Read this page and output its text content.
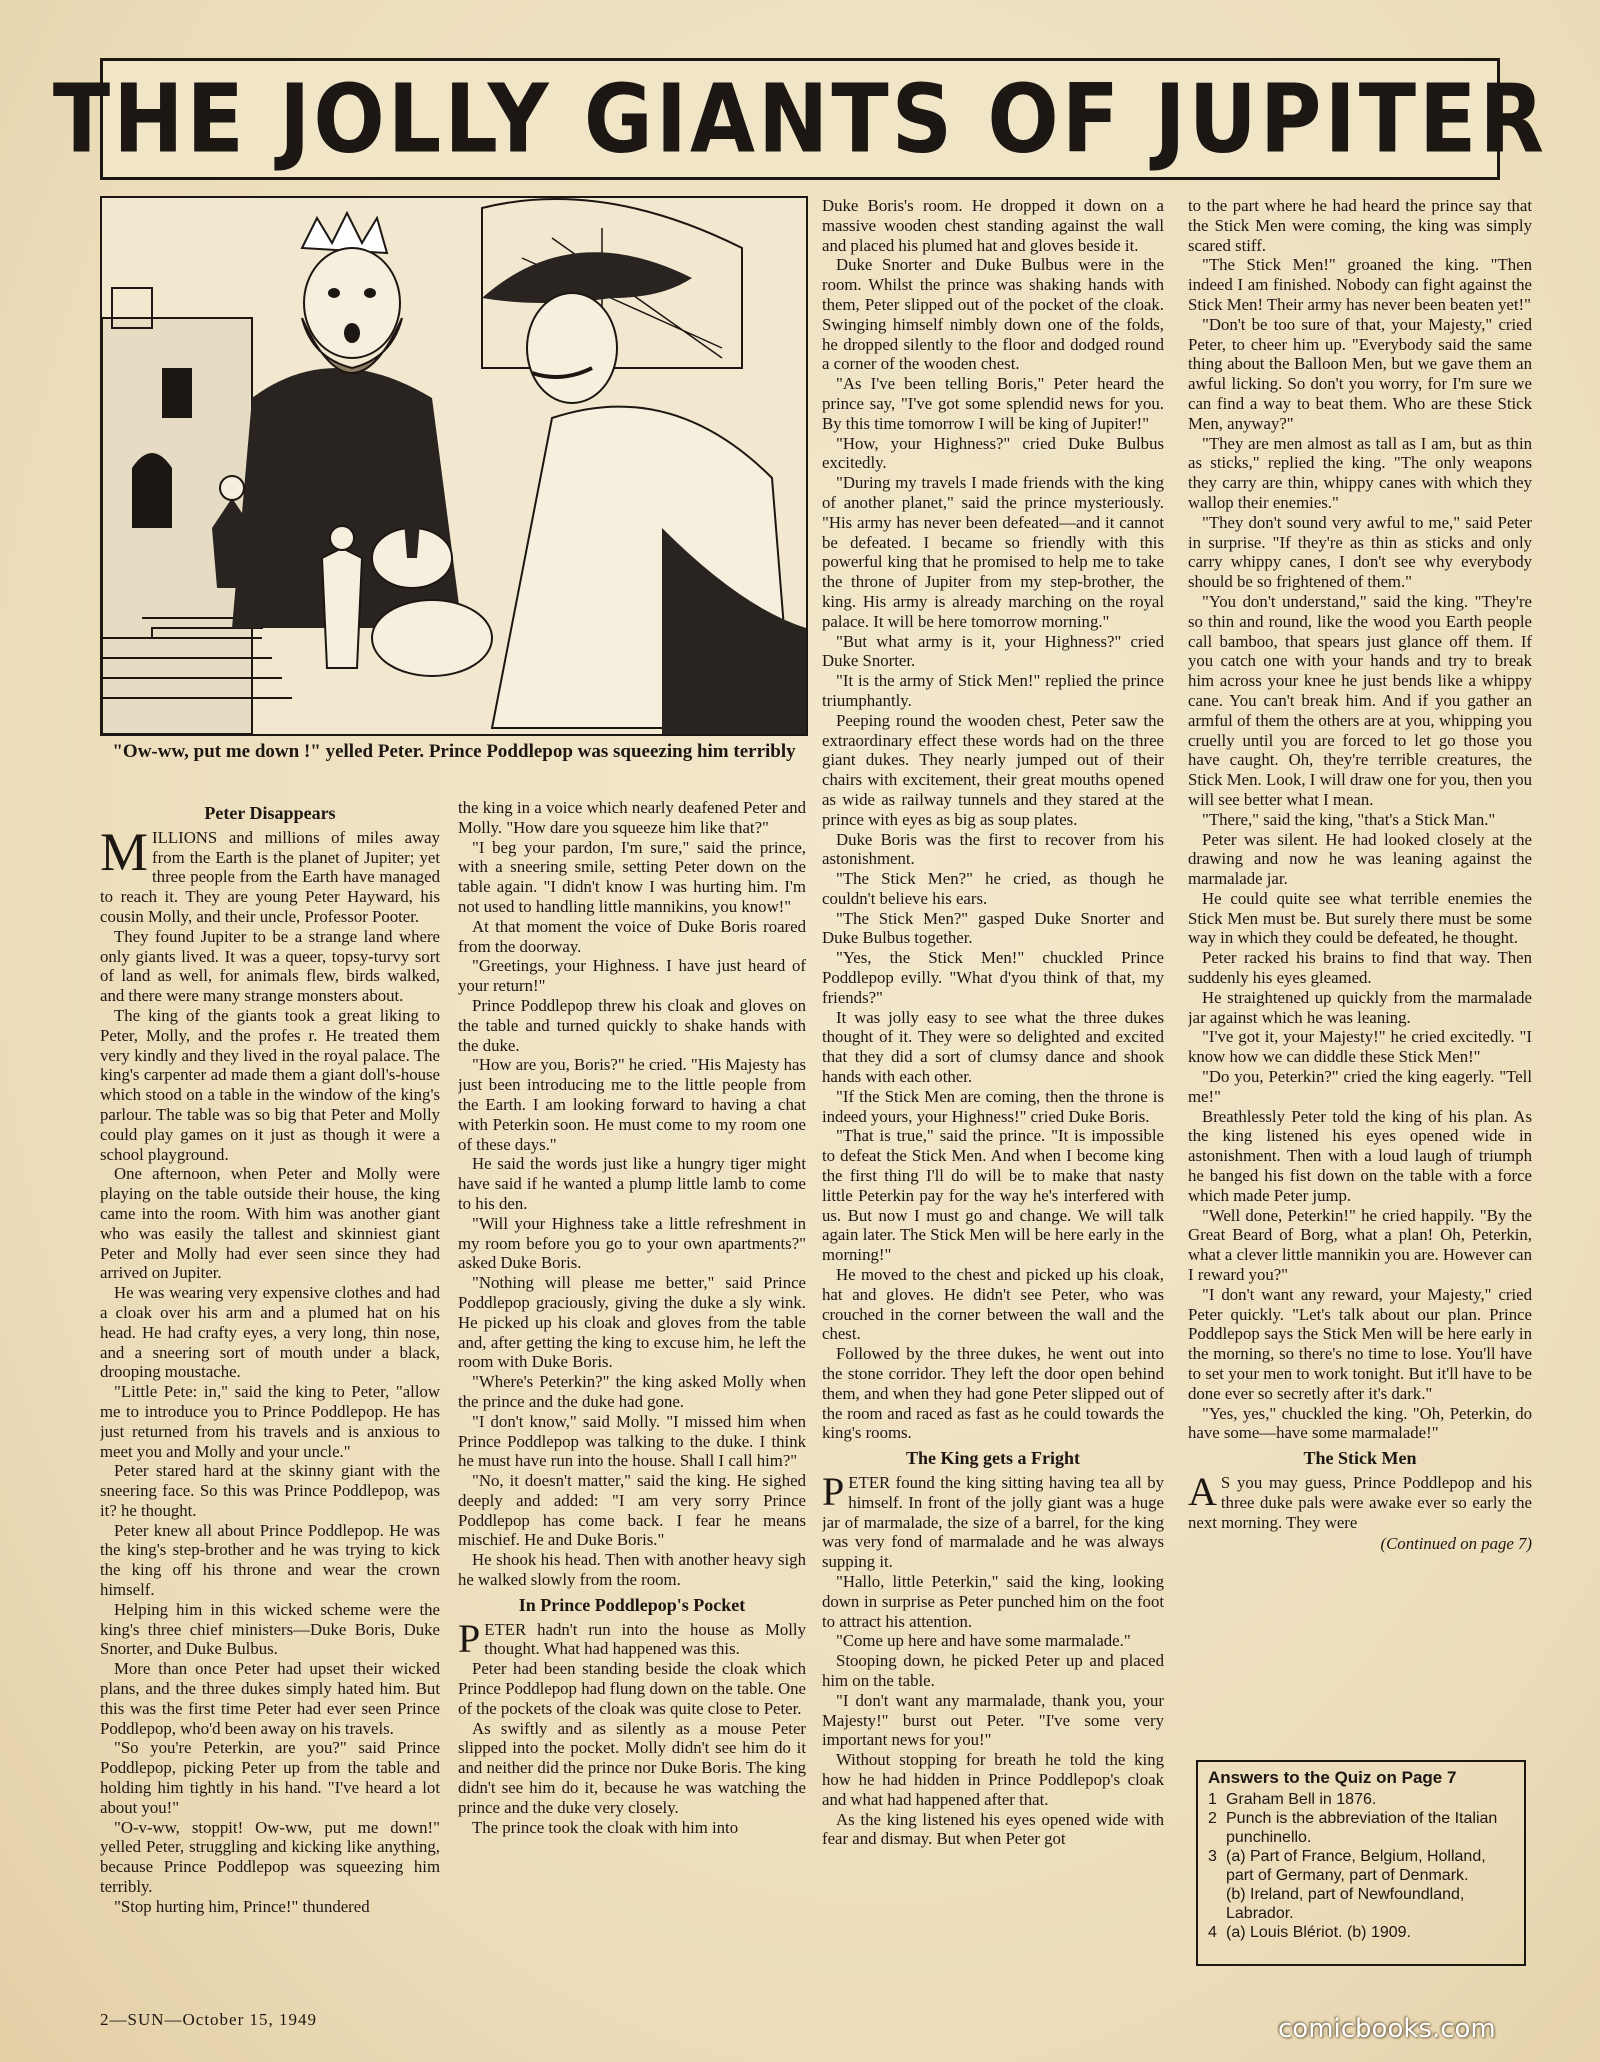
THE JOLLY GIANTS OF JUPITER
"Ow-ww, put me down !" yelled Peter. Prince Poddlepop was squeezing him terribly
Peter Disappears

MILLIONS and millions of miles away from the Earth is the planet of Jupiter; yet three people from the Earth have managed to reach it. They are young Peter Hayward, his cousin Molly, and their uncle, Professor Pooter.

They found Jupiter to be a strange land where only giants lived. It was a queer, topsy-turvy sort of land as well, for animals flew, birds walked, and there were many strange monsters about.

The king of the giants took a great liking to Peter, Molly, and the profes r. He treated them very kindly and they lived in the royal palace. The king's carpenter ad made them a giant doll's-house which stood on a table in the window of the king's parlour. The table was so big that Peter and Molly could play games on it just as though it were a school playground.

One afternoon, when Peter and Molly were playing on the table outside their house, the king came into the room. With him was another giant who was easily the tallest and skinniest giant Peter and Molly had ever seen since they had arrived on Jupiter.

He was wearing very expensive clothes and had a cloak over his arm and a plumed hat on his head. He had crafty eyes, a very long, thin nose, and a sneering sort of mouth under a black, drooping moustache.

"Little Pete: in," said the king to Peter, "allow me to introduce you to Prince Poddlepop. He has just returned from his travels and is anxious to meet you and Molly and your uncle."

Peter stared hard at the skinny giant with the sneering face. So this was Prince Poddlepop, was it? he thought.

Peter knew all about Prince Poddlepop. He was the king's step-brother and he was trying to kick the king off his throne and wear the crown himself.

Helping him in this wicked scheme were the king's three chief ministers—Duke Boris, Duke Snorter, and Duke Bulbus.

More than once Peter had upset their wicked plans, and the three dukes simply hated him. But this was the first time Peter had ever seen Prince Poddlepop, who'd been away on his travels.

"So you're Peterkin, are you?" said Prince Poddlepop, picking Peter up from the table and holding him tightly in his hand. "I've heard a lot about you!"

"O-v-ww, stoppit! Ow-ww, put me down!" yelled Peter, struggling and kicking like anything, because Prince Poddlepop was squeezing him terribly.

"Stop hurting him, Prince!" thundered

the king in a voice which nearly deafened Peter and Molly. "How dare you squeeze him like that?"

"I beg your pardon, I'm sure," said the prince, with a sneering smile, setting Peter down on the table again. "I didn't know I was hurting him. I'm not used to handling little mannikins, you know!"

At that moment the voice of Duke Boris roared from the doorway.

"Greetings, your Highness. I have just heard of your return!"

Prince Poddlepop threw his cloak and gloves on the table and turned quickly to shake hands with the duke.

"How are you, Boris?" he cried. "His Majesty has just been introducing me to the little people from the Earth. I am looking forward to having a chat with Peterkin soon. He must come to my room one of these days."

He said the words just like a hungry tiger might have said if he wanted a plump little lamb to come to his den.

"Will your Highness take a little refreshment in my room before you go to your own apartments?" asked Duke Boris.

"Nothing will please me better," said Prince Poddlepop graciously, giving the duke a sly wink. He picked up his cloak and gloves from the table and, after getting the king to excuse him, he left the room with Duke Boris.

"Where's Peterkin?" the king asked Molly when the prince and the duke had gone.

"I don't know," said Molly. "I missed him when Prince Poddlepop was talking to the duke. I think he must have run into the house. Shall I call him?"

"No, it doesn't matter," said the king. He sighed deeply and added: "I am very sorry Prince Poddlepop has come back. I fear he means mischief. He and Duke Boris."

He shook his head. Then with another heavy sigh he walked slowly from the room.

In Prince Poddlepop's Pocket

PETER hadn't run into the house as Molly thought. What had happened was this.

Peter had been standing beside the cloak which Prince Poddlepop had flung down on the table. One of the pockets of the cloak was quite close to Peter.

As swiftly and as silently as a mouse Peter slipped into the pocket. Molly didn't see him do it and neither did the prince nor Duke Boris. The king didn't see him do it, because he was watching the prince and the duke very closely.

The prince took the cloak with him into

Duke Boris's room. He dropped it down on a massive wooden chest standing against the wall and placed his plumed hat and gloves beside it.

Duke Snorter and Duke Bulbus were in the room. Whilst the prince was shaking hands with them, Peter slipped out of the pocket of the cloak. Swinging himself nimbly down one of the folds, he dropped silently to the floor and dodged round a corner of the wooden chest.

"As I've been telling Boris," Peter heard the prince say, "I've got some splendid news for you. By this time tomorrow I will be king of Jupiter!"

"How, your Highness?" cried Duke Bulbus excitedly.

"During my travels I made friends with the king of another planet," said the prince mysteriously. "His army has never been defeated—and it cannot be defeated. I became so friendly with this powerful king that he promised to help me to take the throne of Jupiter from my step-brother, the king. His army is already marching on the royal palace. It will be here tomorrow morning."

"But what army is it, your Highness?" cried Duke Snorter.

"It is the army of Stick Men!" replied the prince triumphantly.

Peeping round the wooden chest, Peter saw the extraordinary effect these words had on the three giant dukes. They nearly jumped out of their chairs with excitement, their great mouths opened as wide as railway tunnels and they stared at the prince with eyes as big as soup plates.

Duke Boris was the first to recover from his astonishment.

"The Stick Men?" he cried, as though he couldn't believe his ears.

"The Stick Men?" gasped Duke Snorter and Duke Bulbus together.

"Yes, the Stick Men!" chuckled Prince Poddlepop evilly. "What d'you think of that, my friends?"

It was jolly easy to see what the three dukes thought of it. They were so delighted and excited that they did a sort of clumsy dance and shook hands with each other.

"If the Stick Men are coming, then the throne is indeed yours, your Highness!" cried Duke Boris.

"That is true," said the prince. "It is impossible to defeat the Stick Men. And when I become king the first thing I'll do will be to make that nasty little Peterkin pay for the way he's interfered with us. But now I must go and change. We will talk again later. The Stick Men will be here early in the morning!"

He moved to the chest and picked up his cloak, hat and gloves. He didn't see Peter, who was crouched in the corner between the wall and the chest.

Followed by the three dukes, he went out into the stone corridor. They left the door open behind them, and when they had gone Peter slipped out of the room and raced as fast as he could towards the king's rooms.

The King gets a Fright

PETER found the king sitting having tea all by himself. In front of the jolly giant was a huge jar of marmalade, the size of a barrel, for the king was very fond of marmalade and he was always supping it.

"Hallo, little Peterkin," said the king, looking down in surprise as Peter punched him on the foot to attract his attention.

"Come up here and have some marmalade."

Stooping down, he picked Peter up and placed him on the table.

"I don't want any marmalade, thank you, your Majesty!" burst out Peter. "I've some very important news for you!"

Without stopping for breath he told the king how he had hidden in Prince Poddlepop's cloak and what had happened after that.

As the king listened his eyes opened wide with fear and dismay. But when Peter got

to the part where he had heard the prince say that the Stick Men were coming, the king was simply scared stiff.

"The Stick Men!" groaned the king. "Then indeed I am finished. Nobody can fight against the Stick Men! Their army has never been beaten yet!"

"Don't be too sure of that, your Majesty," cried Peter, to cheer him up. "Everybody said the same thing about the Balloon Men, but we gave them an awful licking. So don't you worry, for I'm sure we can find a way to beat them. Who are these Stick Men, anyway?"

"They are men almost as tall as I am, but as thin as sticks," replied the king. "The only weapons they carry are thin, whippy canes with which they wallop their enemies."

"They don't sound very awful to me," said Peter in surprise. "If they're as thin as sticks and only carry whippy canes, I don't see why everybody should be so frightened of them."

"You don't understand," said the king. "They're so thin and round, like the wood you Earth people call bamboo, that spears just glance off them. If you catch one with your hands and try to break him across your knee he just bends like a whippy cane. You can't break him. And if you gather an armful of them the others are at you, whipping you cruelly until you are forced to let go those you have caught. Oh, they're terrible creatures, the Stick Men. Look, I will draw one for you, then you will see better what I mean.

"There," said the king, "that's a Stick Man."

Peter was silent. He had looked closely at the drawing and now he was leaning against the marmalade jar.

He could quite see what terrible enemies the Stick Men must be. But surely there must be some way in which they could be defeated, he thought.

Peter racked his brains to find that way. Then suddenly his eyes gleamed.

He straightened up quickly from the marmalade jar against which he was leaning.

"I've got it, your Majesty!" he cried excitedly. "I know how we can diddle these Stick Men!"

"Do you, Peterkin?" cried the king eagerly. "Tell me!"

Breathlessly Peter told the king of his plan. As the king listened his eyes opened wide in astonishment. Then with a loud laugh of triumph he banged his fist down on the table with a force which made Peter jump.

"Well done, Peterkin!" he cried happily. "By the Great Beard of Borg, what a plan! Oh, Peterkin, what a clever little mannikin you are. However can I reward you?"

"I don't want any reward, your Majesty," cried Peter quickly. "Let's talk about our plan. Prince Poddlepop says the Stick Men will be here early in the morning, so there's no time to lose. You'll have to set your men to work tonight. But it'll have to be done ever so secretly after it's dark."

"Yes, yes," chuckled the king. "Oh, Peterkin, do have some—have some marmalade!"

The Stick Men

A S you may guess, Prince Poddlepop and his three duke pals were awake ever so early the next morning. They were

(Continued on page 7)
Answers to the Quiz on Page 7
1 Graham Bell in 1876.
2 Punch is the abbreviation of the Italian punchinello.
3 (a) Part of France, Belgium, Holland, part of Germany, part of Denmark.
(b) Ireland, part of Newfoundland, Labrador.
4 (a) Louis Blériot. (b) 1909.
2—SUN—October 15, 1949	comicbooks.com
